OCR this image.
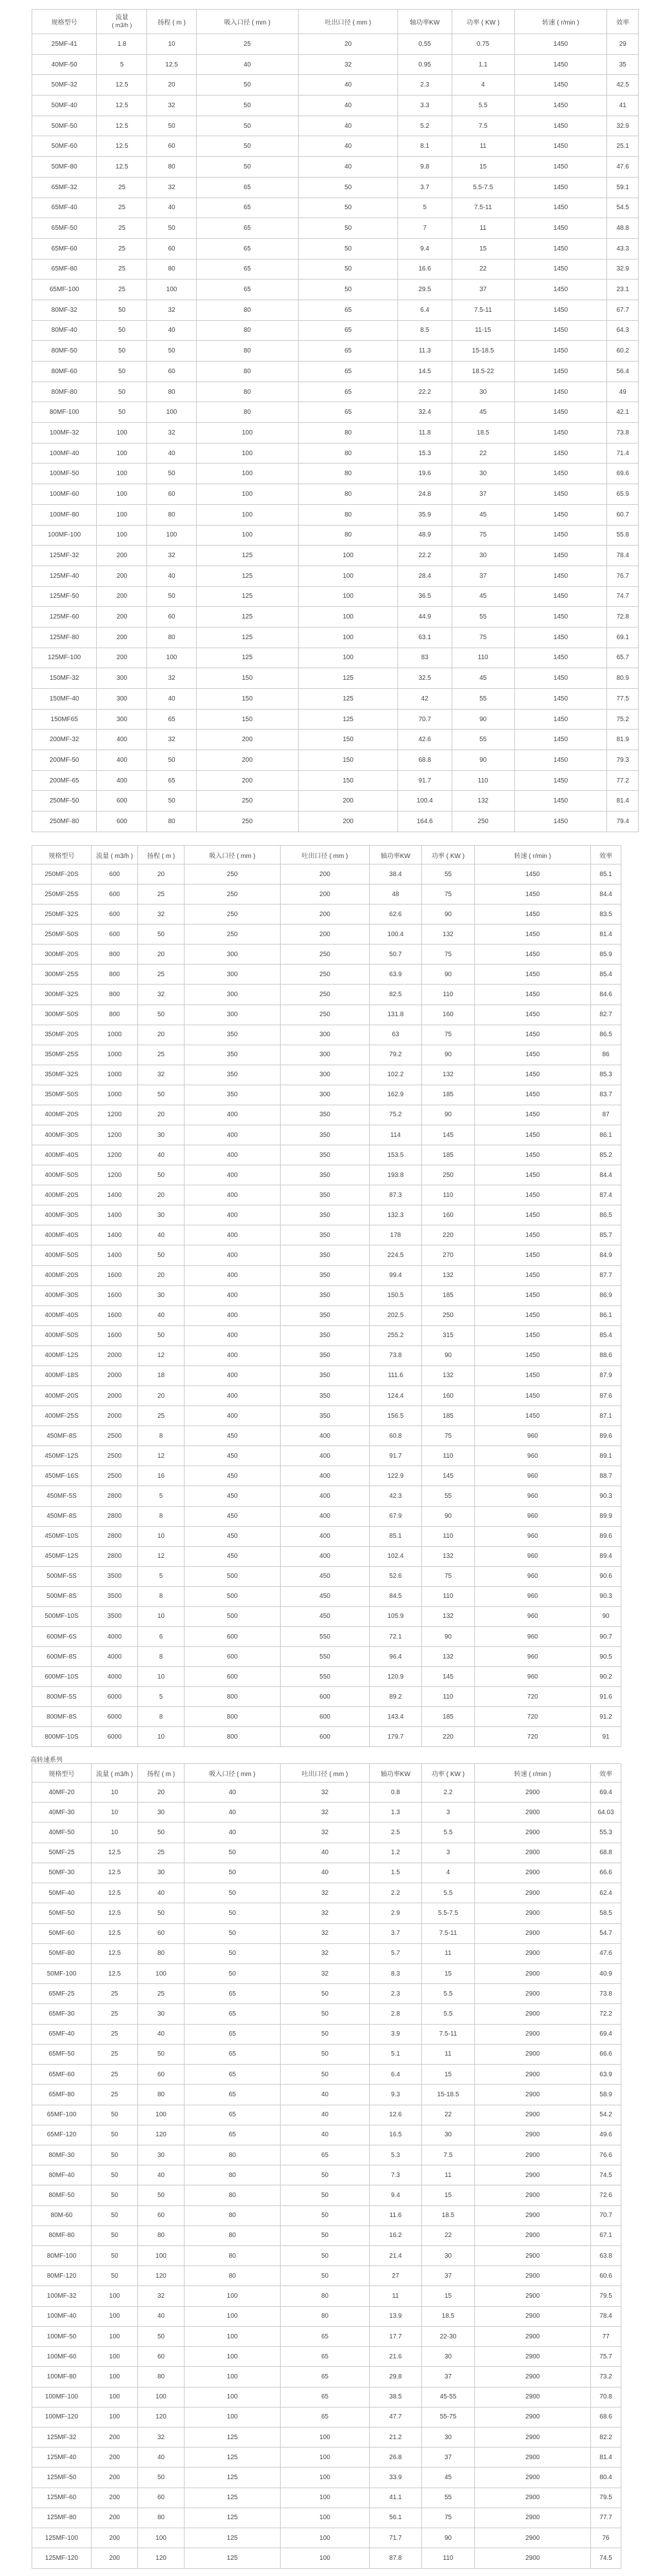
规格型号	流量
( m3/h )	扬程 ( m )	吸入口径 ( mm )	吐出口径 ( mm )	轴功率KW	功率 ( KW )	转速 ( r/min )	效率
25MF-41	1.8	10	25	20	0.55	0.75	1450	29
40MF-50	5	12.5	40	32	0.95	1.1	1450	35
50MF-32	12.5	20	50	40	2.3	4	1450	42.5
50MF-40	12.5	32	50	40	3.3	5.5	1450	41
50MF-50	12.5	50	50	40	5.2	7.5	1450	32.9
50MF-60	12.5	60	50	40	8.1	11	1450	25.1
50MF-80	12.5	80	50	40	9.8	15	1450	47.6
65MF-32	25	32	65	50	3.7	5.5-7.5	1450	59.1
65MF-40	25	40	65	50	5	7.5-11	1450	54.5
65MF-50	25	50	65	50	7	11	1450	48.8
65MF-60	25	60	65	50	9.4	15	1450	43.3
65MF-80	25	80	65	50	16.6	22	1450	32.9
65MF-100	25	100	65	50	29.5	37	1450	23.1
80MF-32	50	32	80	65	6.4	7.5-11	1450	67.7
80MF-40	50	40	80	65	8.5	11-15	1450	64.3
80MF-50	50	50	80	65	11.3	15-18.5	1450	60.2
80MF-60	50	60	80	65	14.5	18.5-22	1450	56.4
80MF-80	50	80	80	65	22.2	30	1450	49
80MF-100	50	100	80	65	32.4	45	1450	42.1
100MF-32	100	32	100	80	11.8	18.5	1450	73.8
100MF-40	100	40	100	80	15.3	22	1450	71.4
100MF-50	100	50	100	80	19.6	30	1450	69.6
100MF-60	100	60	100	80	24.8	37	1450	65.9
100MF-80	100	80	100	80	35.9	45	1450	60.7
100MF-100	100	100	100	80	48.9	75	1450	55.8
125MF-32	200	32	125	100	22.2	30	1450	78.4
125MF-40	200	40	125	100	28.4	37	1450	76.7
125MF-50	200	50	125	100	36.5	45	1450	74.7
125MF-60	200	60	125	100	44.9	55	1450	72.8
125MF-80	200	80	125	100	63.1	75	1450	69.1
125MF-100	200	100	125	100	83	110	1450	65.7
150MF-32	300	32	150	125	32.5	45	1450	80.9
150MF-40	300	40	150	125	42	55	1450	77.5
150MF65	300	65	150	125	70.7	90	1450	75.2
200MF-32	400	32	200	150	42.6	55	1450	81.9
200MF-50	400	50	200	150	68.8	90	1450	79.3
200MF-65	400	65	200	150	91.7	110	1450	77.2
250MF-50	600	50	250	200	100.4	132	1450	81.4
250MF-80	600	80	250	200	164.6	250	1450	79.4
规格型号	流量 ( m3/h )	扬程 ( m )	吸入口径 ( mm )	吐出口径 ( mm )	轴功率KW	功率 ( KW )	转速 ( r/min )	效率
250MF-20S	600	20	250	200	38.4	55	1450	85.1
250MF-25S	600	25	250	200	48	75	1450	84.4
250MF-32S	600	32	250	200	62.6	90	1450	83.5
250MF-50S	600	50	250	200	100.4	132	1450	81.4
300MF-20S	800	20	300	250	50.7	75	1450	85.9
300MF-25S	800	25	300	250	63.9	90	1450	85.4
300MF-32S	800	32	300	250	82.5	110	1450	84.6
300MF-50S	800	50	300	250	131.8	160	1450	82.7
350MF-20S	1000	20	350	300	63	75	1450	86.5
350MF-25S	1000	25	350	300	79.2	90	1450	86
350MF-32S	1000	32	350	300	102.2	132	1450	85.3
350MF-50S	1000	50	350	300	162.9	185	1450	83.7
400MF-20S	1200	20	400	350	75.2	90	1450	87
400MF-30S	1200	30	400	350	114	145	1450	86.1
400MF-40S	1200	40	400	350	153.5	185	1450	85.2
400MF-50S	1200	50	400	350	193.8	250	1450	84.4
400MF-20S	1400	20	400	350	87.3	110	1450	87.4
400MF-30S	1400	30	400	350	132.3	160	1450	86.5
400MF-40S	1400	40	400	350	178	220	1450	85.7
400MF-50S	1400	50	400	350	224.5	270	1450	84.9
400MF-20S	1600	20	400	350	99.4	132	1450	87.7
400MF-30S	1600	30	400	350	150.5	185	1450	86.9
400MF-40S	1600	40	400	350	202.5	250	1450	86.1
400MF-50S	1600	50	400	350	255.2	315	1450	85.4
400MF-12S	2000	12	400	350	73.8	90	1450	88.6
400MF-18S	2000	18	400	350	111.6	132	1450	87.9
400MF-20S	2000	20	400	350	124.4	160	1450	87.6
400MF-25S	2000	25	400	350	156.5	185	1450	87.1
450MF-8S	2500	8	450	400	60.8	75	960	89.6
450MF-12S	2500	12	450	400	91.7	110	960	89.1
450MF-16S	2500	16	450	400	122.9	145	960	88.7
450MF-5S	2800	5	450	400	42.3	55	960	90.3
450MF-8S	2800	8	450	400	67.9	90	960	89.9
450MF-10S	2800	10	450	400	85.1	110	960	89.6
450MF-12S	2800	12	450	400	102.4	132	960	89.4
500MF-5S	3500	5	500	450	52.6	75	960	90.6
500MF-8S	3500	8	500	450	84.5	110	960	90.3
500MF-10S	3500	10	500	450	105.9	132	960	90
600MF-6S	4000	6	600	550	72.1	90	960	90.7
600MF-8S	4000	8	600	550	96.4	132	960	90.5
600MF-10S	4000	10	600	550	120.9	145	960	90.2
800MF-5S	6000	5	800	600	89.2	110	720	91.6
800MF-8S	6000	8	800	600	143.4	185	720	91.2
800MF-10S	6000	10	800	600	179.7	220	720	91
高转速系列
规格型号	流量 ( m3/h )	扬程 ( m )	吸入口径 ( mm )	吐出口径 ( mm )	轴功率KW	功率 ( KW )	转速 ( r/min )	效率
40MF-20	10	20	40	32	0.8	2.2	2900	69.4
40MF-30	10	30	40	32	1.3	3	2900	64.03
40MF-50	10	50	40	32	2.5	5.5	2900	55.3
50MF-25	12.5	25	50	40	1.2	3	2900	68.8
50MF-30	12.5	30	50	40	1.5	4	2900	66.6
50MF-40	12.5	40	50	32	2.2	5.5	2900	62.4
50MF-50	12.5	50	50	32	2.9	5.5-7.5	2900	58.5
50MF-60	12.5	60	50	32	3.7	7.5-11	2900	54.7
50MF-80	12.5	80	50	32	5.7	11	2900	47.6
50MF-100	12.5	100	50	32	8.3	15	2900	40.9
65MF-25	25	25	65	50	2.3	5.5	2900	73.8
65MF-30	25	30	65	50	2.8	5.5	2900	72.2
65MF-40	25	40	65	50	3.9	7.5-11	2900	69.4
65MF-50	25	50	65	50	5.1	11	2900	66.6
65MF-60	25	60	65	50	6.4	15	2900	63.9
65MF-80	25	80	65	40	9.3	15-18.5	2900	58.9
65MF-100	50	100	65	40	12.6	22	2900	54.2
65MF-120	50	120	65	40	16.5	30	2900	49.6
80MF-30	50	30	80	65	5.3	7.5	2900	76.6
80MF-40	50	40	80	50	7.3	11	2900	74.5
80MF-50	50	50	80	50	9.4	15	2900	72.6
80M-60	50	60	80	50	11.6	18.5	2900	70.7
80MF-80	50	80	80	50	16.2	22	2900	67.1
80MF-100	50	100	80	50	21.4	30	2900	63.8
80MF-120	50	120	80	50	27	37	2900	60.6
100MF-32	100	32	100	80	11	15	2900	79.5
100MF-40	100	40	100	80	13.9	18.5	2900	78.4
100MF-50	100	50	100	65	17.7	22-30	2900	77
100MF-60	100	60	100	65	21.6	30	2900	75.7
100MF-80	100	80	100	65	29.8	37	2900	73.2
100MF-100	100	100	100	65	38.5	45-55	2900	70.8
100MF-120	100	120	100	65	47.7	55-75	2900	68.6
125MF-32	200	32	125	100	21.2	30	2900	82.2
125MF-40	200	40	125	100	26.8	37	2900	81.4
125MF-50	200	50	125	100	33.9	45	2900	80.4
125MF-60	200	60	125	100	41.1	55	2900	79.5
125MF-80	200	80	125	100	56.1	75	2900	77.7
125MF-100	200	100	125	100	71.7	90	2900	76
125MF-120	200	120	125	100	87.8	110	2900	74.5
